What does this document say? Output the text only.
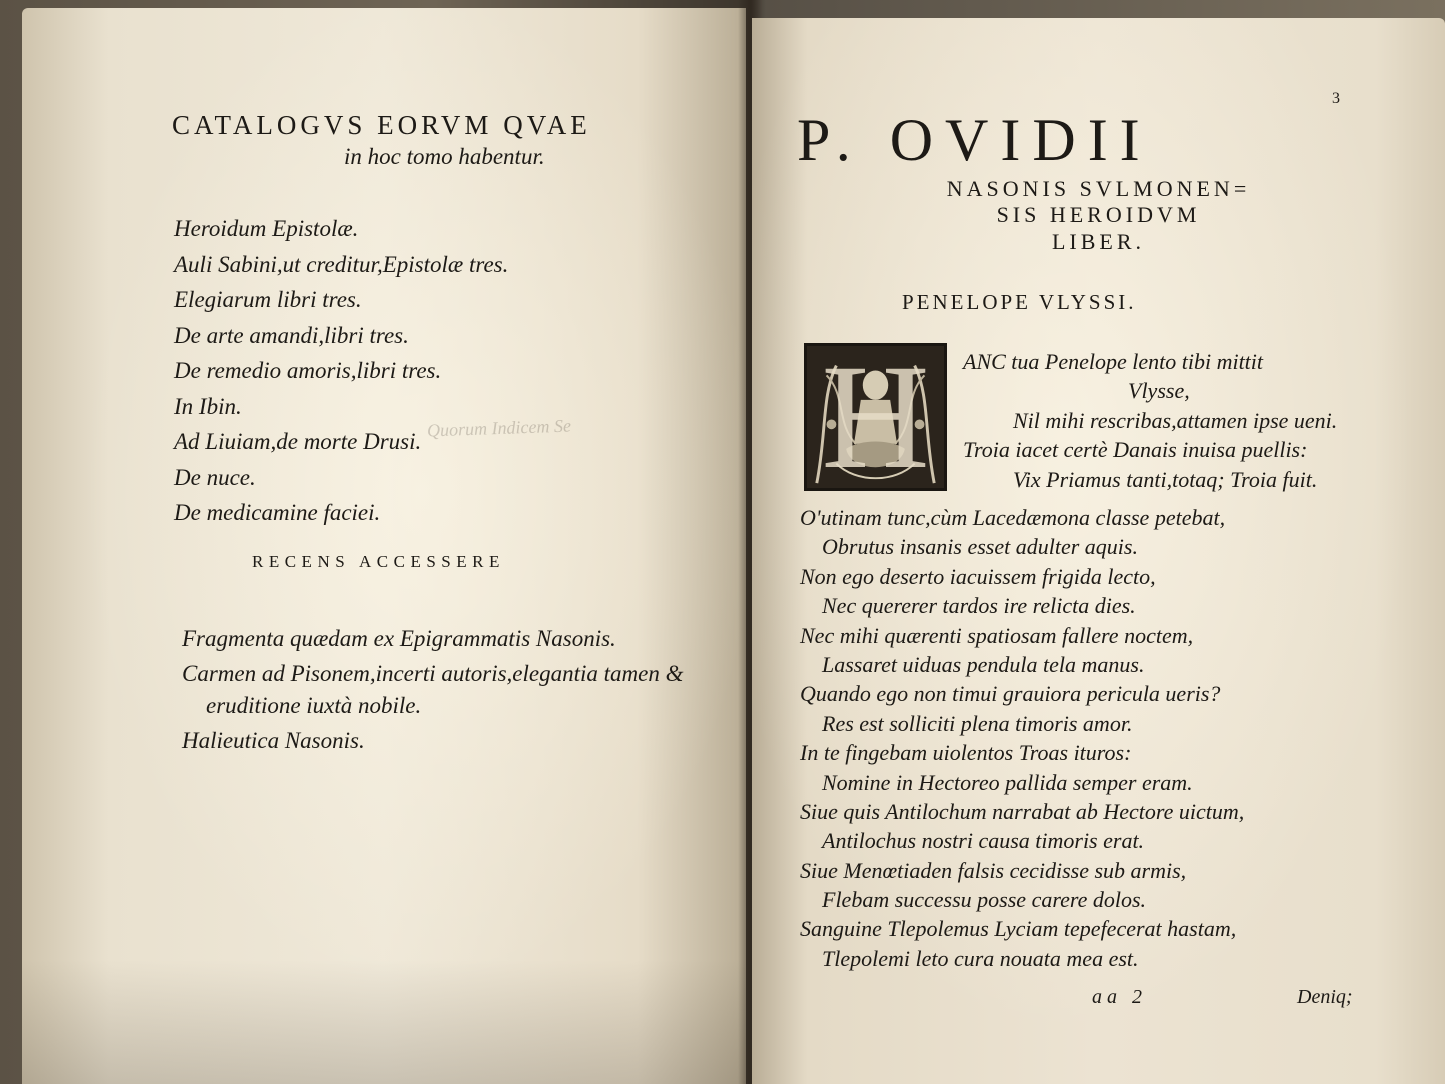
CATALOGVS EORVM QVAE
in hoc tomo habentur.
Heroidum Epistolæ.
Auli Sabini,ut creditur,Epistolæ tres.
Elegiarum libri tres.
De arte amandi,libri tres.
De remedio amoris,libri tres.
In Ibin.
Ad Liuiam,de morte Drusi.
De nuce.
De medicamine faciei.
Quorum Indicem Se
RECENS ACCESSERE
Fragmenta quædam ex Epigrammatis Nasonis.
Carmen ad Pisonem,incerti autoris,elegantia tamen &
eruditione iuxtà nobile.
Halieutica Nasonis.
3
P. OVIDII
NASONIS SVLMONEN=
SIS HEROIDVM
LIBER.
PENELOPE VLYSSI.
H	ANC tua Penelope lento tibi mittit
Vlysse,
Nil mihi rescribas,attamen ipse ueni.
Troia iacet certè Danais inuisa puellis:
Vix Priamus tanti,totaq; Troia fuit.
O'utinam tunc,cùm Lacedæmona classe petebat,
Obrutus insanis esset adulter aquis.
Non ego deserto iacuissem frigida lecto,
Nec quererer tardos ire relicta dies.
Nec mihi quærenti spatiosam fallere noctem,
Lassaret uiduas pendula tela manus.
Quando ego non timui grauiora pericula ueris?
Res est solliciti plena timoris amor.
In te fingebam uiolentos Troas ituros:
Nomine in Hectoreo pallida semper eram.
Siue quis Antilochum narrabat ab Hectore uictum,
Antilochus nostri causa timoris erat.
Siue Menœtiaden falsis cecidisse sub armis,
Flebam successu posse carere dolos.
Sanguine Tlepolemus Lyciam tepefecerat hastam,
Tlepolemi leto cura nouata mea est.
aa 2	Deniq;
